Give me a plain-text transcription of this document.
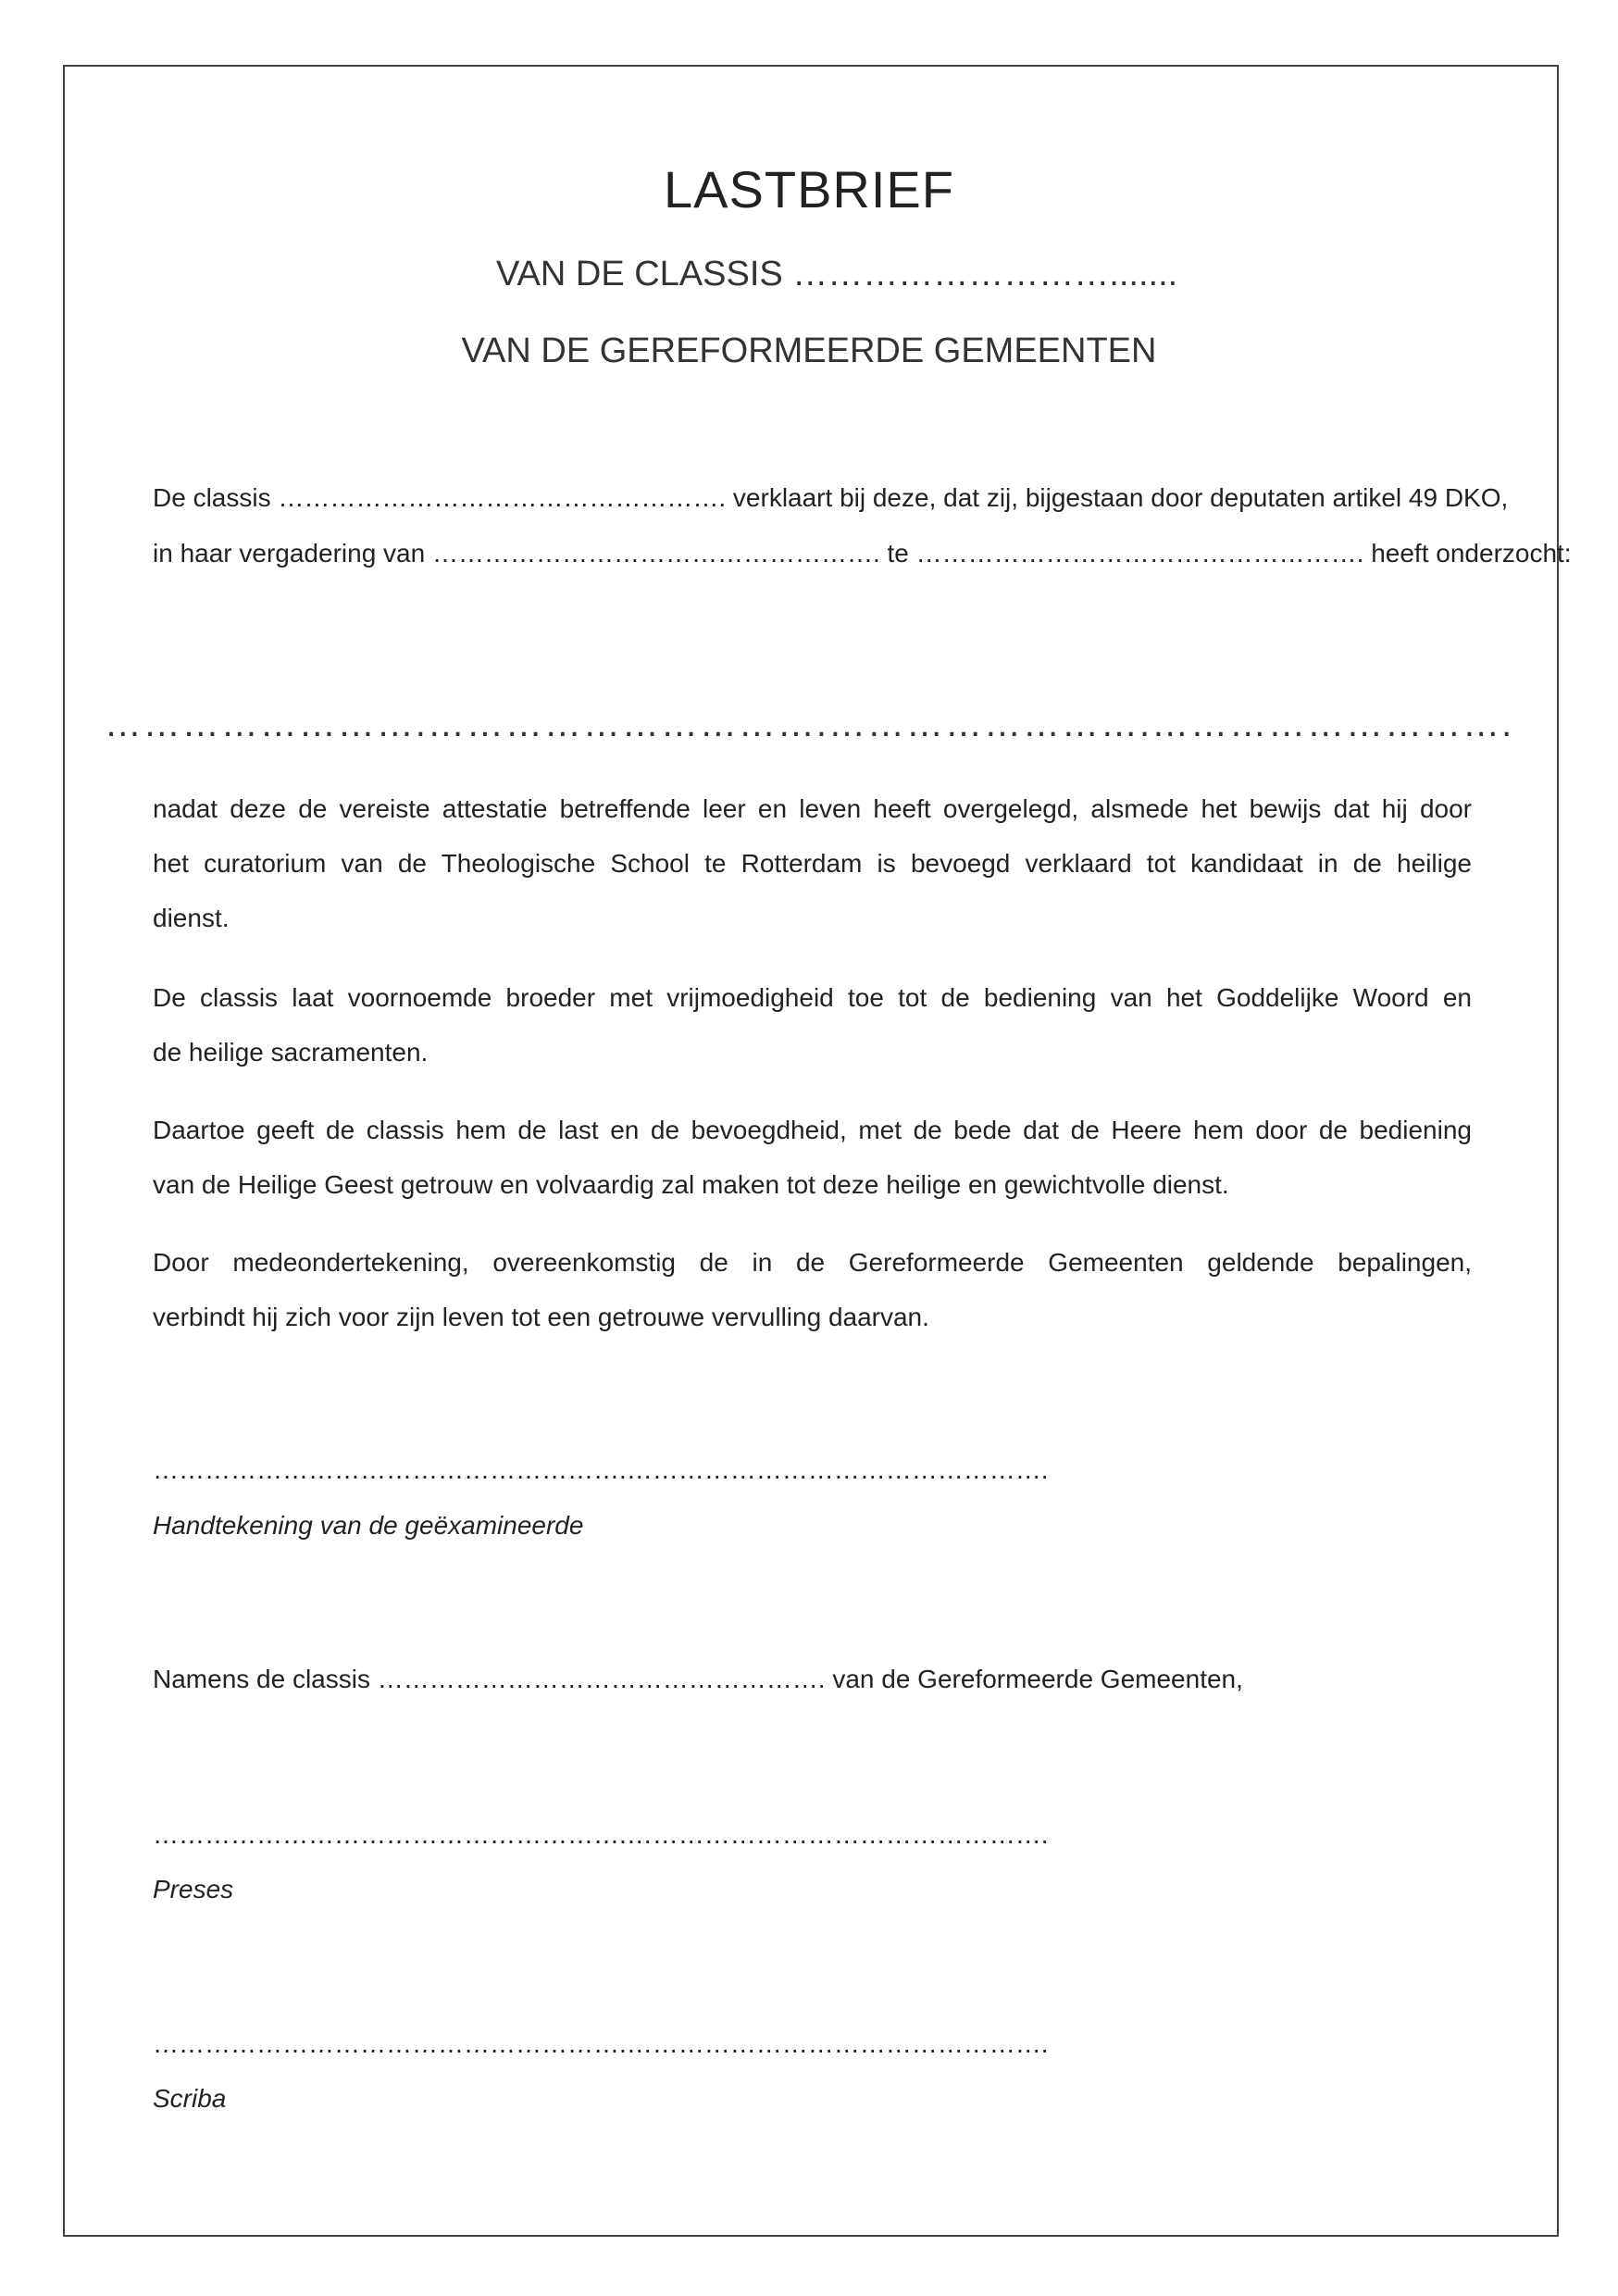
LASTBRIEF
VAN DE CLASSIS ……………………….......
VAN DE GEREFORMEERDE GEMEENTEN
De classis ……………………………………………. verklaart bij deze, dat zij, bijgestaan door deputaten artikel 49 DKO,
in haar vergadering van ……………………………………………. te ……………………………………………. heeft onderzocht:
…………………….………………………….…………………….……………………….
nadat deze de vereiste attestatie betreffende leer en leven heeft overgelegd, alsmede het bewijs dat hij door
het curatorium van de Theologische School te Rotterdam is bevoegd verklaard tot kandidaat in de heilige
dienst.
De classis laat voornoemde broeder met vrijmoedigheid toe tot de bediening van het Goddelijke Woord en
de heilige sacramenten.
Daartoe geeft de classis hem de last en de bevoegdheid, met de bede dat de Heere hem door de bediening
van de Heilige Geest getrouw en volvaardig zal maken tot deze heilige en gewichtvolle dienst.
Door medeondertekening, overeenkomstig de in de Gereformeerde Gemeenten geldende bepalingen,
verbindt hij zich voor zijn leven tot een getrouwe vervulling daarvan.
……………………………………………….………………………………………….
Handtekening van de geëxamineerde
Namens de classis ……………………………………………. van de Gereformeerde Gemeenten,
……………………………………………….………………………………………….
Preses
……………………………………………….………………………………………….
Scriba
